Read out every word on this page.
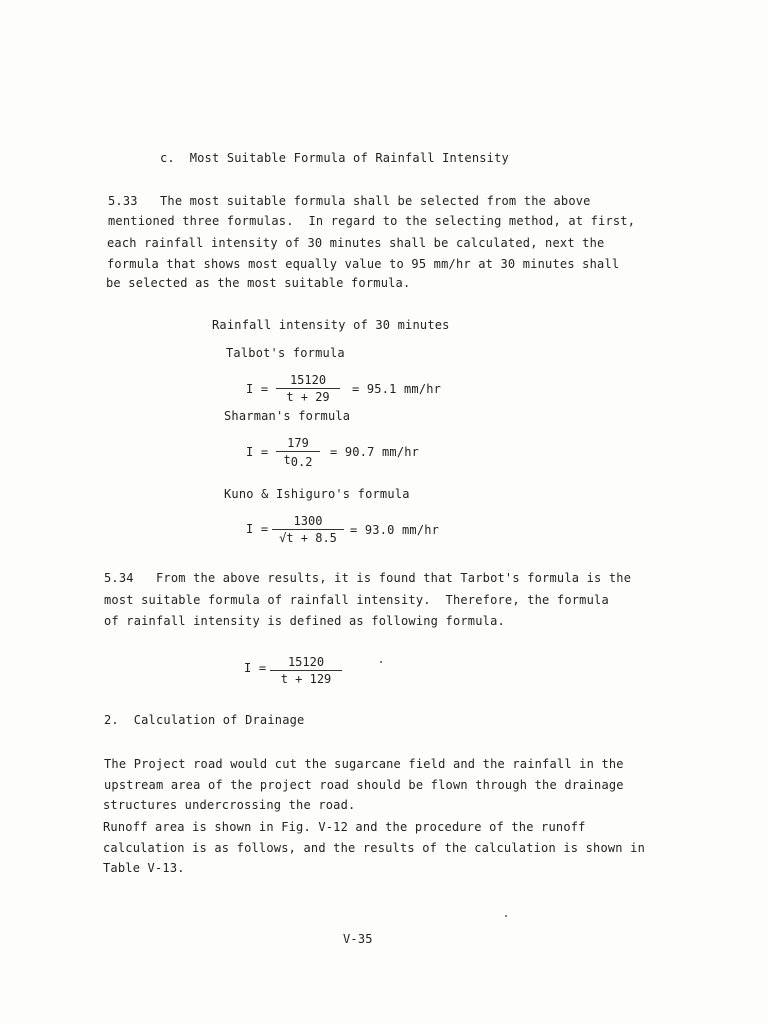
c.  Most Suitable Formula of Rainfall Intensity
5.33   The most suitable formula shall be selected from the above
mentioned three formulas.  In regard to the selecting method, at first,
each rainfall intensity of 30 minutes shall be calculated, next the
formula that shows most equally value to 95 mm/hr at 30 minutes shall
be selected as the most suitable formula.
Rainfall intensity of 30 minutes
Talbot's formula
I =
15120
t + 29
= 95.1 mm/hr
Sharman's formula
I =
179
t0.2
= 90.7 mm/hr
Kuno & Ishiguro's formula
I =
1300
√t + 8.5
= 93.0 mm/hr
5.34   From the above results, it is found that Tarbot's formula is the
most suitable formula of rainfall intensity.  Therefore, the formula
of rainfall intensity is defined as following formula.
I =	15120
t + 129
2.  Calculation of Drainage
The Project road would cut the sugarcane field and the rainfall in the
upstream area of the project road should be flown through the drainage
structures undercrossing the road.
Runoff area is shown in Fig. V-12 and the procedure of the runoff
calculation is as follows, and the results of the calculation is shown in
Table V-13.
V-35
